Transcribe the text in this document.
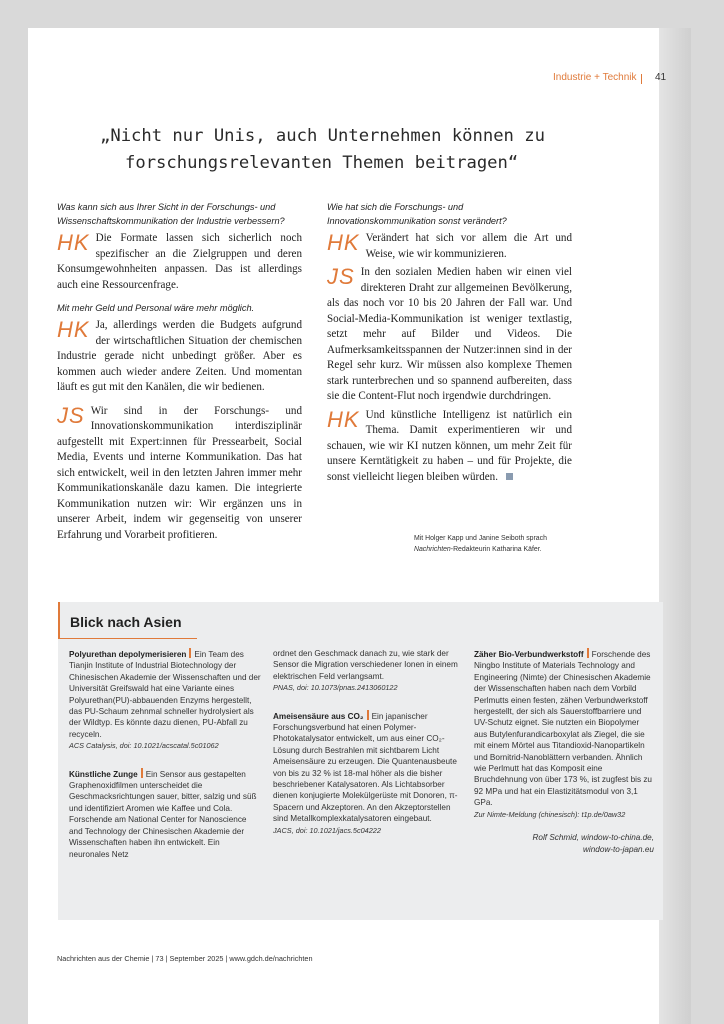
Industrie + Technik 41
„Nicht nur Unis, auch Unternehmen können zu
forschungsrelevanten Themen beitragen“

Was kann sich aus Ihrer Sicht in der Forschungs- und Wissenschaftskommunikation der Industrie verbessern?

HK Die Formate lassen sich sicherlich noch spezifischer an die Zielgruppen und deren Konsumgewohnheiten anpassen. Das ist allerdings auch eine Ressourcenfrage.

Mit mehr Geld und Personal wäre mehr möglich.

HK Ja, allerdings werden die Budgets aufgrund der wirtschaftlichen Situation der chemischen Industrie gerade nicht unbedingt größer. Aber es kommen auch wieder andere Zeiten. Und momentan läuft es gut mit den Kanälen, die wir bedienen.

JS Wir sind in der Forschungs- und Innovationskommunikation interdisziplinär aufgestellt mit Expert:innen für Pressearbeit, Social Media, Events und interne Kommunikation. Das hat sich entwickelt, weil in den letzten Jahren immer mehr Kommunikationskanäle dazu kamen. Die integrierte Kommunikation nutzen wir: Wir ergänzen uns in unserer Arbeit, indem wir gegenseitig von unserer Erfahrung und Vorarbeit profitieren.

Wie hat sich die Forschungs- und Innovationskommunikation sonst verändert?

HK Verändert hat sich vor allem die Art und Weise, wie wir kommunizieren.

JS In den sozialen Medien haben wir einen viel direkteren Draht zur allgemeinen Bevölkerung, als das noch vor 10 bis 20 Jahren der Fall war. Und Social-Media-Kommunikation ist weniger textlastig, setzt mehr auf Bilder und Videos. Die Aufmerksamkeitsspannen der Nutzer:innen sind in der Regel sehr kurz. Wir müssen also komplexe Themen stark runterbrechen und so spannend aufbereiten, dass sie die Content-Flut noch irgendwie durchdringen.

HK Und künstliche Intelligenz ist natürlich ein Thema. Damit experimentieren wir und schauen, wie wir KI nutzen können, um mehr Zeit für unsere Kerntätigkeit zu haben – und für Projekte, die sonst vielleicht liegen bleiben würden.

Mit Holger Kapp und Janine Seiboth sprach
Nachrichten-Redakteurin Katharina Käfer.
Blick nach Asien
Polyurethan depolymerisieren Ein Team des Tianjin Institute of Industrial Biotechnology der Chinesischen Akademie der Wissenschaften und der Universität Greifswald hat eine Variante eines Polyurethan(PU)-abbauenden Enzyms hergestellt, das PU-Schaum zehnmal schneller hydrolysiert als der Wildtyp. Es könnte dazu dienen, PU-Abfall zu recyceln.
ACS Catalysis, doi: 10.1021/acscatal.5c01062
Künstliche Zunge Ein Sensor aus gestapelten Graphenoxidfilmen unterscheidet die Geschmacksrichtungen sauer, bitter, salzig und süß und identifiziert Aromen wie Kaffee und Cola. Forschende am National Center for Nanoscience and Technology der Chinesischen Akademie der Wissenschaften haben ihn entwickelt. Ein neuronales Netz
ordnet den Geschmack danach zu, wie stark der Sensor die Migration verschiedener Ionen in einem elektrischen Feld verlangsamt.
PNAS, doi: 10.1073/pnas.2413060122
Ameisensäure aus CO₂ Ein japanischer Forschungsverbund hat einen Polymer-Photokatalysator entwickelt, um aus einer CO₂-Lösung durch Bestrahlen mit sichtbarem Licht Ameisensäure zu erzeugen. Die Quantenausbeute von bis zu 32 % ist 18-mal höher als die bisher beschriebener Katalysatoren. Als Lichtabsorber dienen konjugierte Molekülgerüste mit Donoren, π-Spacern und Akzeptoren. An den Akzeptorstellen sind Metallkomplexkatalysatoren eingebaut.
JACS, doi: 10.1021/jacs.5c04222
Zäher Bio-Verbundwerkstoff Forschende des Ningbo Institute of Materials Technology and Engineering (Nimte) der Chinesischen Akademie der Wissenschaften haben nach dem Vorbild Perlmutts einen festen, zähen Verbundwerkstoff hergestellt, der sich als Sauerstoffbarriere und UV-Schutz eignet. Sie nutzten ein Biopolymer aus Butylenfurandicarboxylat als Ziegel, die sie mit einem Mörtel aus Titandioxid-Nanopartikeln und Bornitrid-Nanoblättern verbanden. Ähnlich wie Perlmutt hat das Komposit eine Bruchdehnung von über 173 %, ist zugfest bis zu 92 MPa und hat ein Elastizitätsmodul von 3,1 GPa.
Zur Nimte-Meldung (chinesisch): t1p.de/0aw32
Rolf Schmid, window-to-china.de,
window-to-japan.eu
Nachrichten aus der Chemie | 73 | September 2025 | www.gdch.de/nachrichten
